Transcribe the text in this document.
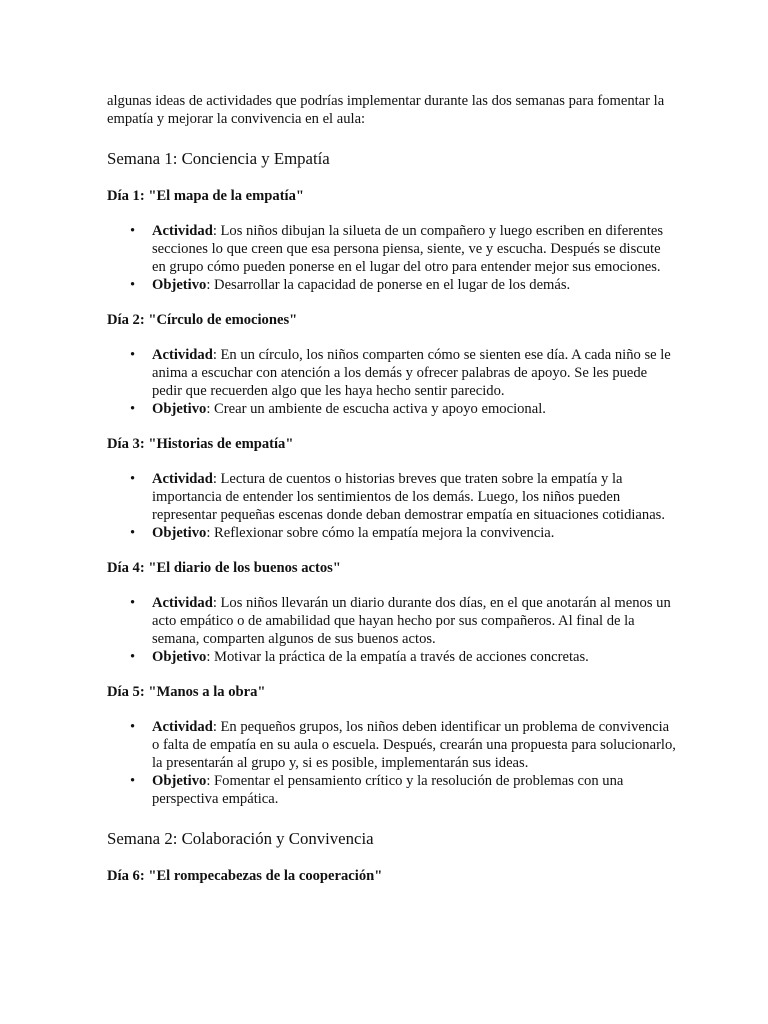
algunas ideas de actividades que podrías implementar durante las dos semanas para fomentar la empatía y mejorar la convivencia en el aula:

Semana 1: Conciencia y Empatía

Día 1: "El mapa de la empatía"

• Actividad: Los niños dibujan la silueta de un compañero y luego escriben en diferentes secciones lo que creen que esa persona piensa, siente, ve y escucha. Después se discute en grupo cómo pueden ponerse en el lugar del otro para entender mejor sus emociones.
• Objetivo: Desarrollar la capacidad de ponerse en el lugar de los demás.

Día 2: "Círculo de emociones"

• Actividad: En un círculo, los niños comparten cómo se sienten ese día. A cada niño se le anima a escuchar con atención a los demás y ofrecer palabras de apoyo. Se les puede pedir que recuerden algo que les haya hecho sentir parecido.
• Objetivo: Crear un ambiente de escucha activa y apoyo emocional.

Día 3: "Historias de empatía"

• Actividad: Lectura de cuentos o historias breves que traten sobre la empatía y la importancia de entender los sentimientos de los demás. Luego, los niños pueden representar pequeñas escenas donde deban demostrar empatía en situaciones cotidianas.
• Objetivo: Reflexionar sobre cómo la empatía mejora la convivencia.

Día 4: "El diario de los buenos actos"

• Actividad: Los niños llevarán un diario durante dos días, en el que anotarán al menos un acto empático o de amabilidad que hayan hecho por sus compañeros. Al final de la semana, comparten algunos de sus buenos actos.
• Objetivo: Motivar la práctica de la empatía a través de acciones concretas.

Día 5: "Manos a la obra"

• Actividad: En pequeños grupos, los niños deben identificar un problema de convivencia o falta de empatía en su aula o escuela. Después, crearán una propuesta para solucionarlo, la presentarán al grupo y, si es posible, implementarán sus ideas.
• Objetivo: Fomentar el pensamiento crítico y la resolución de problemas con una perspectiva empática.
Semana 2: Colaboración y Convivencia

Día 6: "El rompecabezas de la cooperación"
